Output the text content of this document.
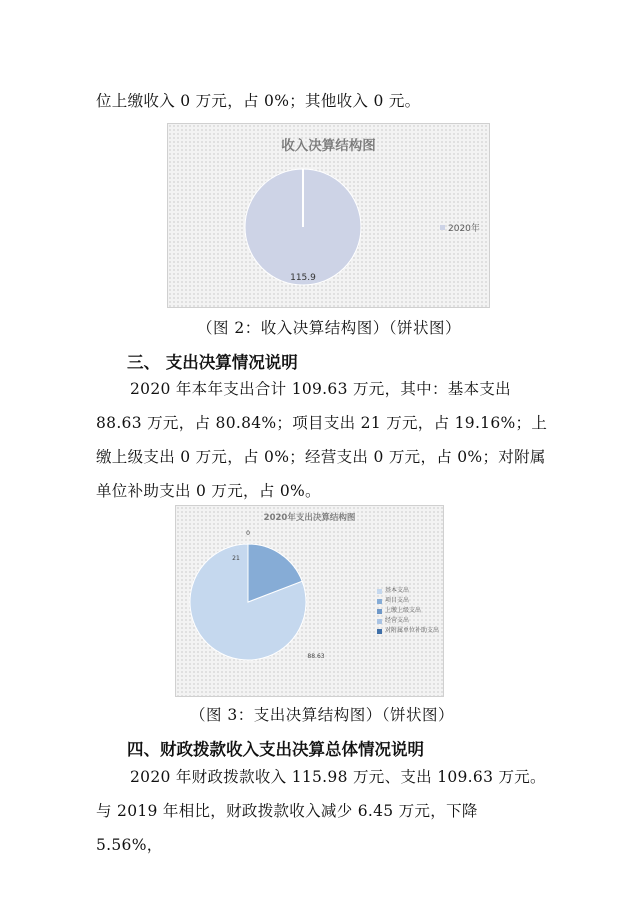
位上缴收入 0 万元，占 0%；其他收入 0 元。
收入决算结构图
115.9
2020年
（图 2：收入决算结构图）（饼状图）
三、 支出决算情况说明
2020 年本年支出合计 109.63 万元，其中：基本支出 88.63 万元，占 80.84%；项目支出 21 万元，占 19.16%；上缴上级支出 0 万元，占 0%；经营支出 0 万元，占 0%；对附属单位补助支出 0 万元，占 0%。
2020年支出决算结构图
88.63
21
0
基本支出
项目支出
上缴上级支出
经营支出
对附属单位补助支出
（图 3：支出决算结构图）（饼状图）
四、财政拨款收入支出决算总体情况说明
2020 年财政拨款收入 115.98 万元、支出 109.63 万元。与 2019 年相比，财政拨款收入减少 6.45 万元，下降 5.56%，
